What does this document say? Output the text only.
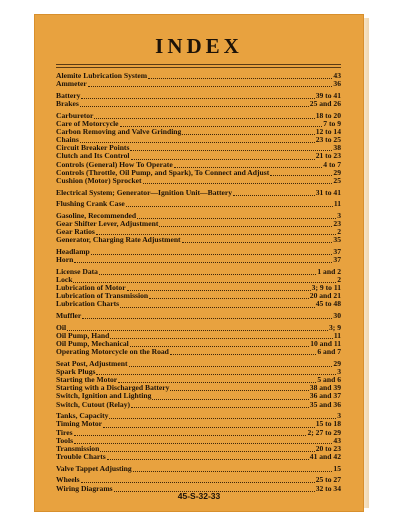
INDEX
Alemite Lubrication System	43
Ammeter	36
Battery	39 to 41
Brakes	25 and 26
Carburetor	18 to 20
Care of Motorcycle	7 to 9
Carbon Removing and Valve Grinding	12 to 14
Chains	23 to 25
Circuit Breaker Points	38
Clutch and Its Control	21 to 23
Controls (General) How To Operate	4 to 7
Controls (Throttle, Oil Pump, and Spark), To Connect and Adjust	29
Cushion (Motor) Sprocket	25
Electrical System; Generator—Ignition Unit—Battery	31 to 41
Flushing Crank Case	11
Gasoline, Recommended	3
Gear Shifter Lever, Adjustment	23
Gear Ratios	2
Generator, Charging Rate Adjustment	35
Headlamp	37
Horn	37
License Data	1 and 2
Lock	2
Lubrication of Motor	3; 9 to 11
Lubrication of Transmission	20 and 21
Lubrication Charts	45 to 48
Muffler	30
Oil	3; 9
Oil Pump, Hand	11
Oil Pump, Mechanical	10 and 11
Operating Motorcycle on the Road	6 and 7
Seat Post, Adjustment	29
Spark Plugs	3
Starting the Motor	5 and 6
Starting with a Discharged Battery	38 and 39
Switch, Ignition and Lighting	36 and 37
Switch, Cutout (Relay)	35 and 36
Tanks, Capacity	3
Timing Motor	15 to 18
Tires	2; 27 to 29
Tools	43
Transmission	20 to 23
Trouble Charts	41 and 42
Valve Tappet Adjusting	15
Wheels	25 to 27
Wiring Diagrams	32 to 34
45-S-32-33
